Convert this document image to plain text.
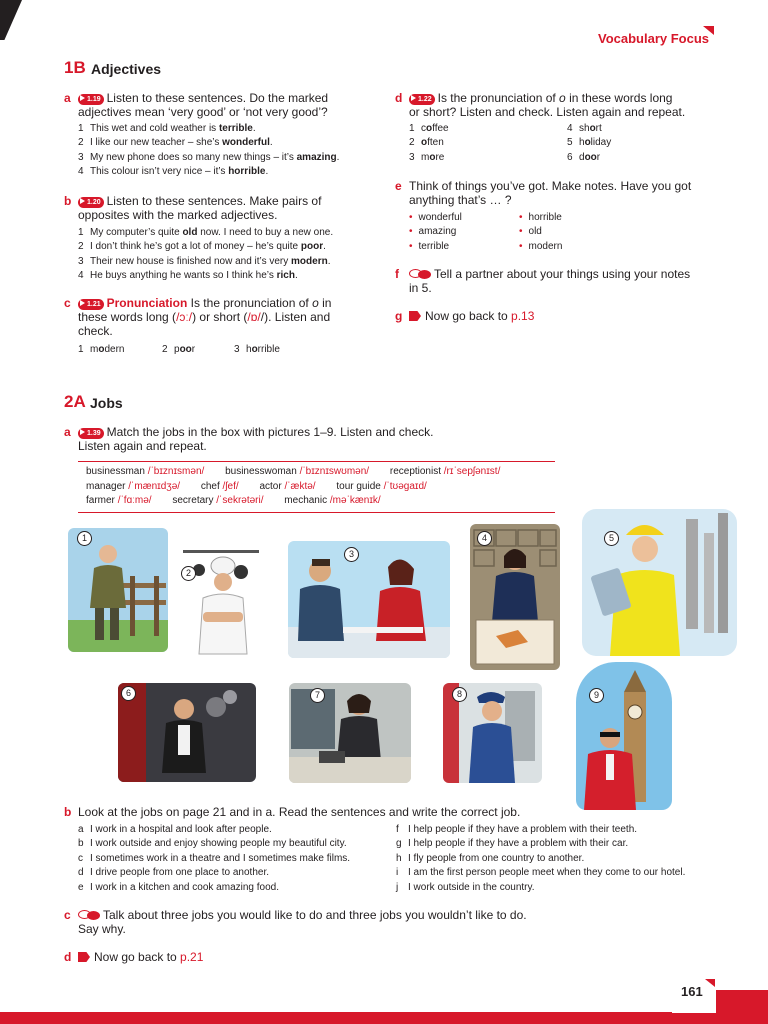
Vocabulary Focus
1B Adjectives
a	1.19 Listen to these sentences. Do the marked
adjectives mean ‘very good’ or ‘not very good’?
1 This wet and cold weather is terrible.
2 I like our new teacher – she’s wonderful.
3 My new phone does so many new things – it’s amazing.
4 This colour isn’t very nice – it’s horrible.
b	1.20 Listen to these sentences. Make pairs of
opposites with the marked adjectives.
1 My computer’s quite old now. I need to buy a new one.
2 I don’t think he’s got a lot of money – he’s quite poor.
3 Their new house is finished now and it’s very modern.
4 He buys anything he wants so I think he’s rich.
c	1.21 Pronunciation Is the pronunciation of o in
these words long (/ɔː/) or short (/ɒ//). Listen and
check.
1 modern	2 poor	3 horrible
d	1.22 Is the pronunciation of o in these words long
or short? Listen and check. Listen again and repeat.
1 coffee
2 often
3 more
4 short
5 holiday
6 door
e Think of things you’ve got. Make notes. Have you got
anything that’s … ?
• wonderful
• amazing
• terrible
• horrible
• old
• modern
f	Tell a partner about your things using your notes
in 5.
g	Now go back to p.13
2A Jobs
a	1.39 Match the jobs in the box with pictures 1–9. Listen and check.
Listen again and repeat.
businessman /ˈbɪznɪsmən/ businesswoman /ˈbɪznɪswʊmən/ receptionist /rɪˈsepʃənɪst/
manager /ˈmænɪdʒə/ chef /ʃef/ actor /ˈæktə/ tour guide /ˈtʊəgaɪd/
farmer /ˈfɑːmə/ secretary /ˈsekrətəri/ mechanic /məˈkænɪk/
1
2
3
4	5
6	7	8	9
b Look at the jobs on page 21 and in a. Read the sentences and write the correct job.
a I work in a hospital and look after people.
b I work outside and enjoy showing people my beautiful city.
c I sometimes work in a theatre and I sometimes make films.
d I drive people from one place to another.
e I work in a kitchen and cook amazing food.
f I help people if they have a problem with their teeth.
g I help people if they have a problem with their car.
h I fly people from one country to another.
i I am the first person people meet when they come to our hotel.
j I work outside in the country.
c	Talk about three jobs you would like to do and three jobs you wouldn’t like to do.
Say why.
d	Now go back to p.21
161
